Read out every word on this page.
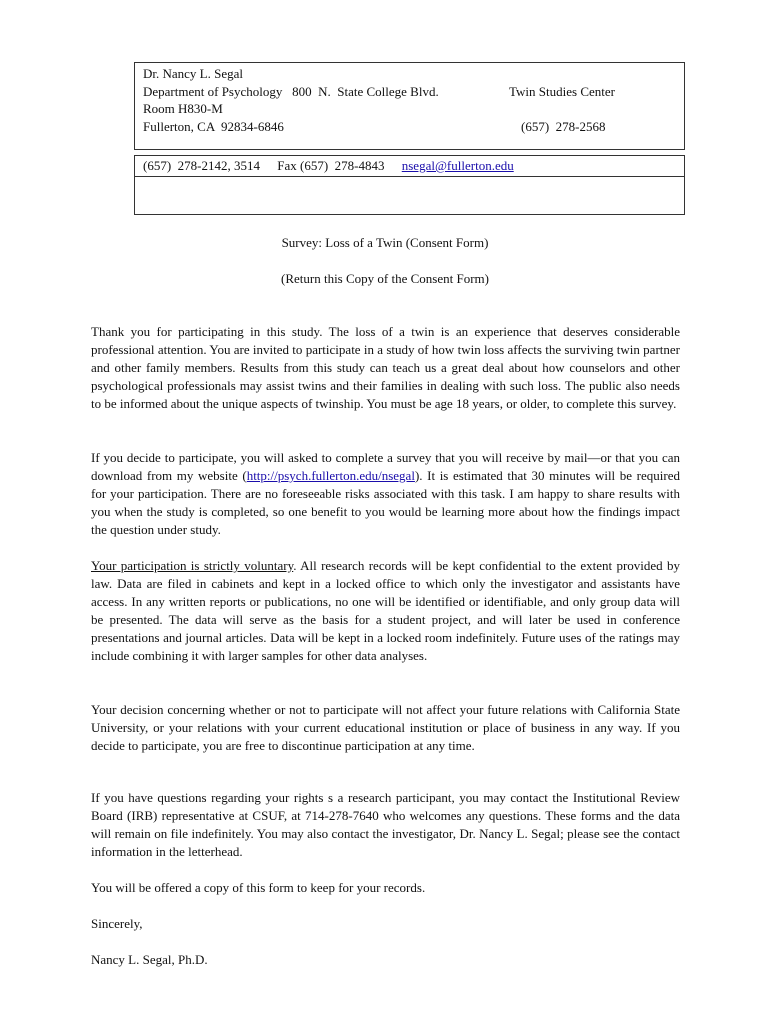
Dr. Nancy L. Segal
Department of Psychology   800  N.  State College Blvd.	Twin Studies Center
Room H830-M
Fullerton, CA  92834-6846	(657)  278-2568
(657)  278-2142, 3514 Fax (657)  278-4843 nsegal@fullerton.edu
Survey: Loss of a Twin (Consent Form)
(Return this Copy of the Consent Form)

Thank you for participating in this study. The loss of a twin is an experience that deserves considerable professional attention. You are invited to participate in a study of how twin loss affects the surviving twin partner and other family members. Results from this study can teach us a great deal about how counselors and other psychological professionals may assist twins and their families in dealing with such loss. The public also needs to be informed about the unique aspects of twinship. You must be age 18 years, or older, to complete this survey.

If you decide to participate, you will asked to complete a survey that you will receive by mail—or that you can download from my website (http://psych.fullerton.edu/nsegal). It is estimated that 30 minutes will be required for your participation. There are no foreseeable risks associated with this task. I am happy to share results with you when the study is completed, so one benefit to you would be learning more about how the findings impact the question under study.

Your participation is strictly voluntary. All research records will be kept confidential to the extent provided by law. Data are filed in cabinets and kept in a locked office to which only the investigator and assistants have access. In any written reports or publications, no one will be identified or identifiable, and only group data will be presented. The data will serve as the basis for a student project, and will later be used in conference presentations and journal articles. Data will be kept in a locked room indefinitely. Future uses of the ratings may include combining it with larger samples for other data analyses.

Your decision concerning whether or not to participate will not affect your future relations with California State University, or your relations with your current educational institution or place of business in any way. If you decide to participate, you are free to discontinue participation at any time.

If you have questions regarding your rights s a research participant, you may contact the Institutional Review Board (IRB) representative at CSUF, at 714-278-7640 who welcomes any questions. These forms and the data will remain on file indefinitely. You may also contact the investigator, Dr. Nancy L. Segal; please see the contact information in the letterhead.

You will be offered a copy of this form to keep for your records.

Sincerely,
Nancy L. Segal, Ph.D.
